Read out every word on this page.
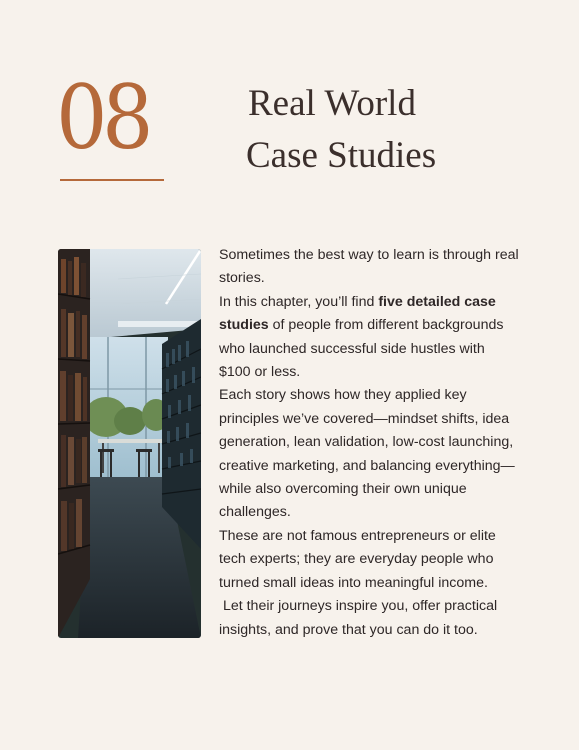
08	Real World
Case Studies

Sometimes the best way to learn is through real stories.

In this chapter, you’ll find five detailed case studies of people from different backgrounds who launched successful side hustles with $100 or less.

Each story shows how they applied key principles we’ve covered—mindset shifts, idea generation, lean validation, low-cost launching, creative marketing, and balancing everything—while also overcoming their own unique challenges.

These are not famous entrepreneurs or elite tech experts; they are everyday people who turned small ideas into meaningful income.

Let their journeys inspire you, offer practical insights, and prove that you can do it too.
